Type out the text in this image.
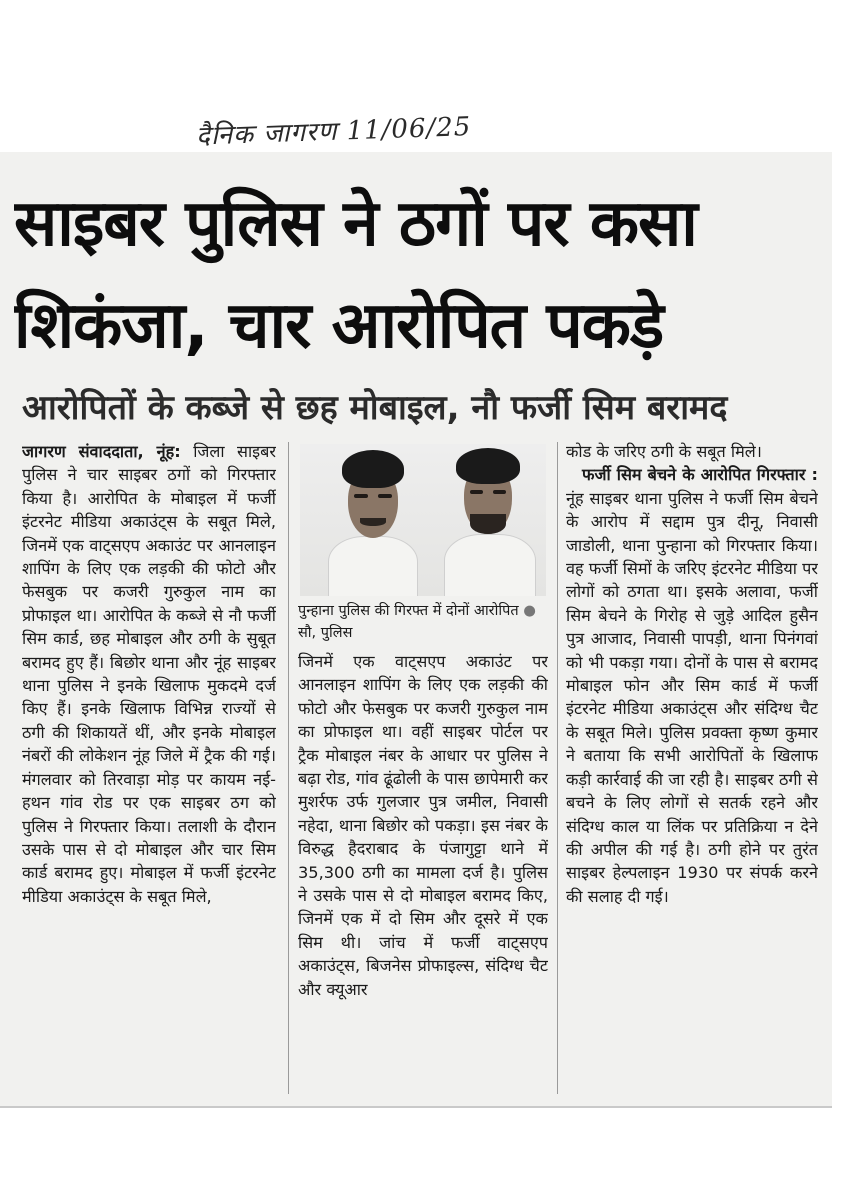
दैनिक जागरण 11/06/25
साइबर पुलिस ने ठगों पर कसा
शिकंजा, चार आरोपित पकड़े
आरोपितों के कब्जे से छह मोबाइल, नौ फर्जी सिम बरामद

जागरण संवाददाता, नूंह: जिला साइबर पुलिस ने चार साइबर ठगों को गिरफ्तार किया है। आरोपित के मोबाइल में फर्जी इंटरनेट मीडिया अकाउंट्स के सबूत मिले, जिनमें एक वाट्सएप अकाउंट पर आनलाइन शापिंग के लिए एक लड़की की फोटो और फेसबुक पर कजरी गुरुकुल नाम का प्रोफाइल था। आरोपित के कब्जे से नौ फर्जी सिम कार्ड, छह मोबाइल और ठगी के सुबूत बरामद हुए हैं। बिछोर थाना और नूंह साइबर थाना पुलिस ने इनके खिलाफ मुकदमे दर्ज किए हैं। इनके खिलाफ विभिन्न राज्यों से ठगी की शिकायतें थीं, और इनके मोबाइल नंबरों की लोकेशन नूंह जिले में ट्रैक की गई। मंगलवार को तिरवाड़ा मोड़ पर कायम नई-हथन गांव रोड पर एक साइबर ठग को पुलिस ने गिरफ्तार किया। तलाशी के दौरान उसके पास से दो मोबाइल और चार सिम कार्ड बरामद हुए। मोबाइल में फर्जी इंटरनेट मीडिया अकाउंट्स के सबूत मिले,

पुन्हाना पुलिस की गिरफ्त में दोनों आरोपित ● सौ, पुलिस

जिनमें एक वाट्सएप अकाउंट पर आनलाइन शापिंग के लिए एक लड़की की फोटो और फेसबुक पर कजरी गुरुकुल नाम का प्रोफाइल था। वहीं साइबर पोर्टल पर ट्रैक मोबाइल नंबर के आधार पर पुलिस ने बढ़ा रोड, गांव ढूंढोली के पास छापेमारी कर मुशर्रफ उर्फ गुलजार पुत्र जमील, निवासी नहेदा, थाना बिछोर को पकड़ा। इस नंबर के विरुद्ध हैदराबाद के पंजागुट्टा थाने में 35,300 ठगी का मामला दर्ज है। पुलिस ने उसके पास से दो मोबाइल बरामद किए, जिनमें एक में दो सिम और दूसरे में एक सिम थी। जांच में फर्जी वाट्सएप अकाउंट्स, बिजनेस प्रोफाइल्स, संदिग्ध चैट और क्यूआर

कोड के जरिए ठगी के सबूत मिले।

फर्जी सिम बेचने के आरोपित गिरफ्तार : नूंह साइबर थाना पुलिस ने फर्जी सिम बेचने के आरोप में सद्दाम पुत्र दीनू, निवासी जाडोली, थाना पुन्हाना को गिरफ्तार किया। वह फर्जी सिमों के जरिए इंटरनेट मीडिया पर लोगों को ठगता था। इसके अलावा, फर्जी सिम बेचने के गिरोह से जुड़े आदिल हुसैन पुत्र आजाद, निवासी पापड़ी, थाना पिनंगवां को भी पकड़ा गया। दोनों के पास से बरामद मोबाइल फोन और सिम कार्ड में फर्जी इंटरनेट मीडिया अकाउंट्स और संदिग्ध चैट के सबूत मिले। पुलिस प्रवक्ता कृष्ण कुमार ने बताया कि सभी आरोपितों के खिलाफ कड़ी कार्रवाई की जा रही है। साइबर ठगी से बचने के लिए लोगों से सतर्क रहने और संदिग्ध काल या लिंक पर प्रतिक्रिया न देने की अपील की गई है। ठगी होने पर तुरंत साइबर हेल्पलाइन 1930 पर संपर्क करने की सलाह दी गई।
